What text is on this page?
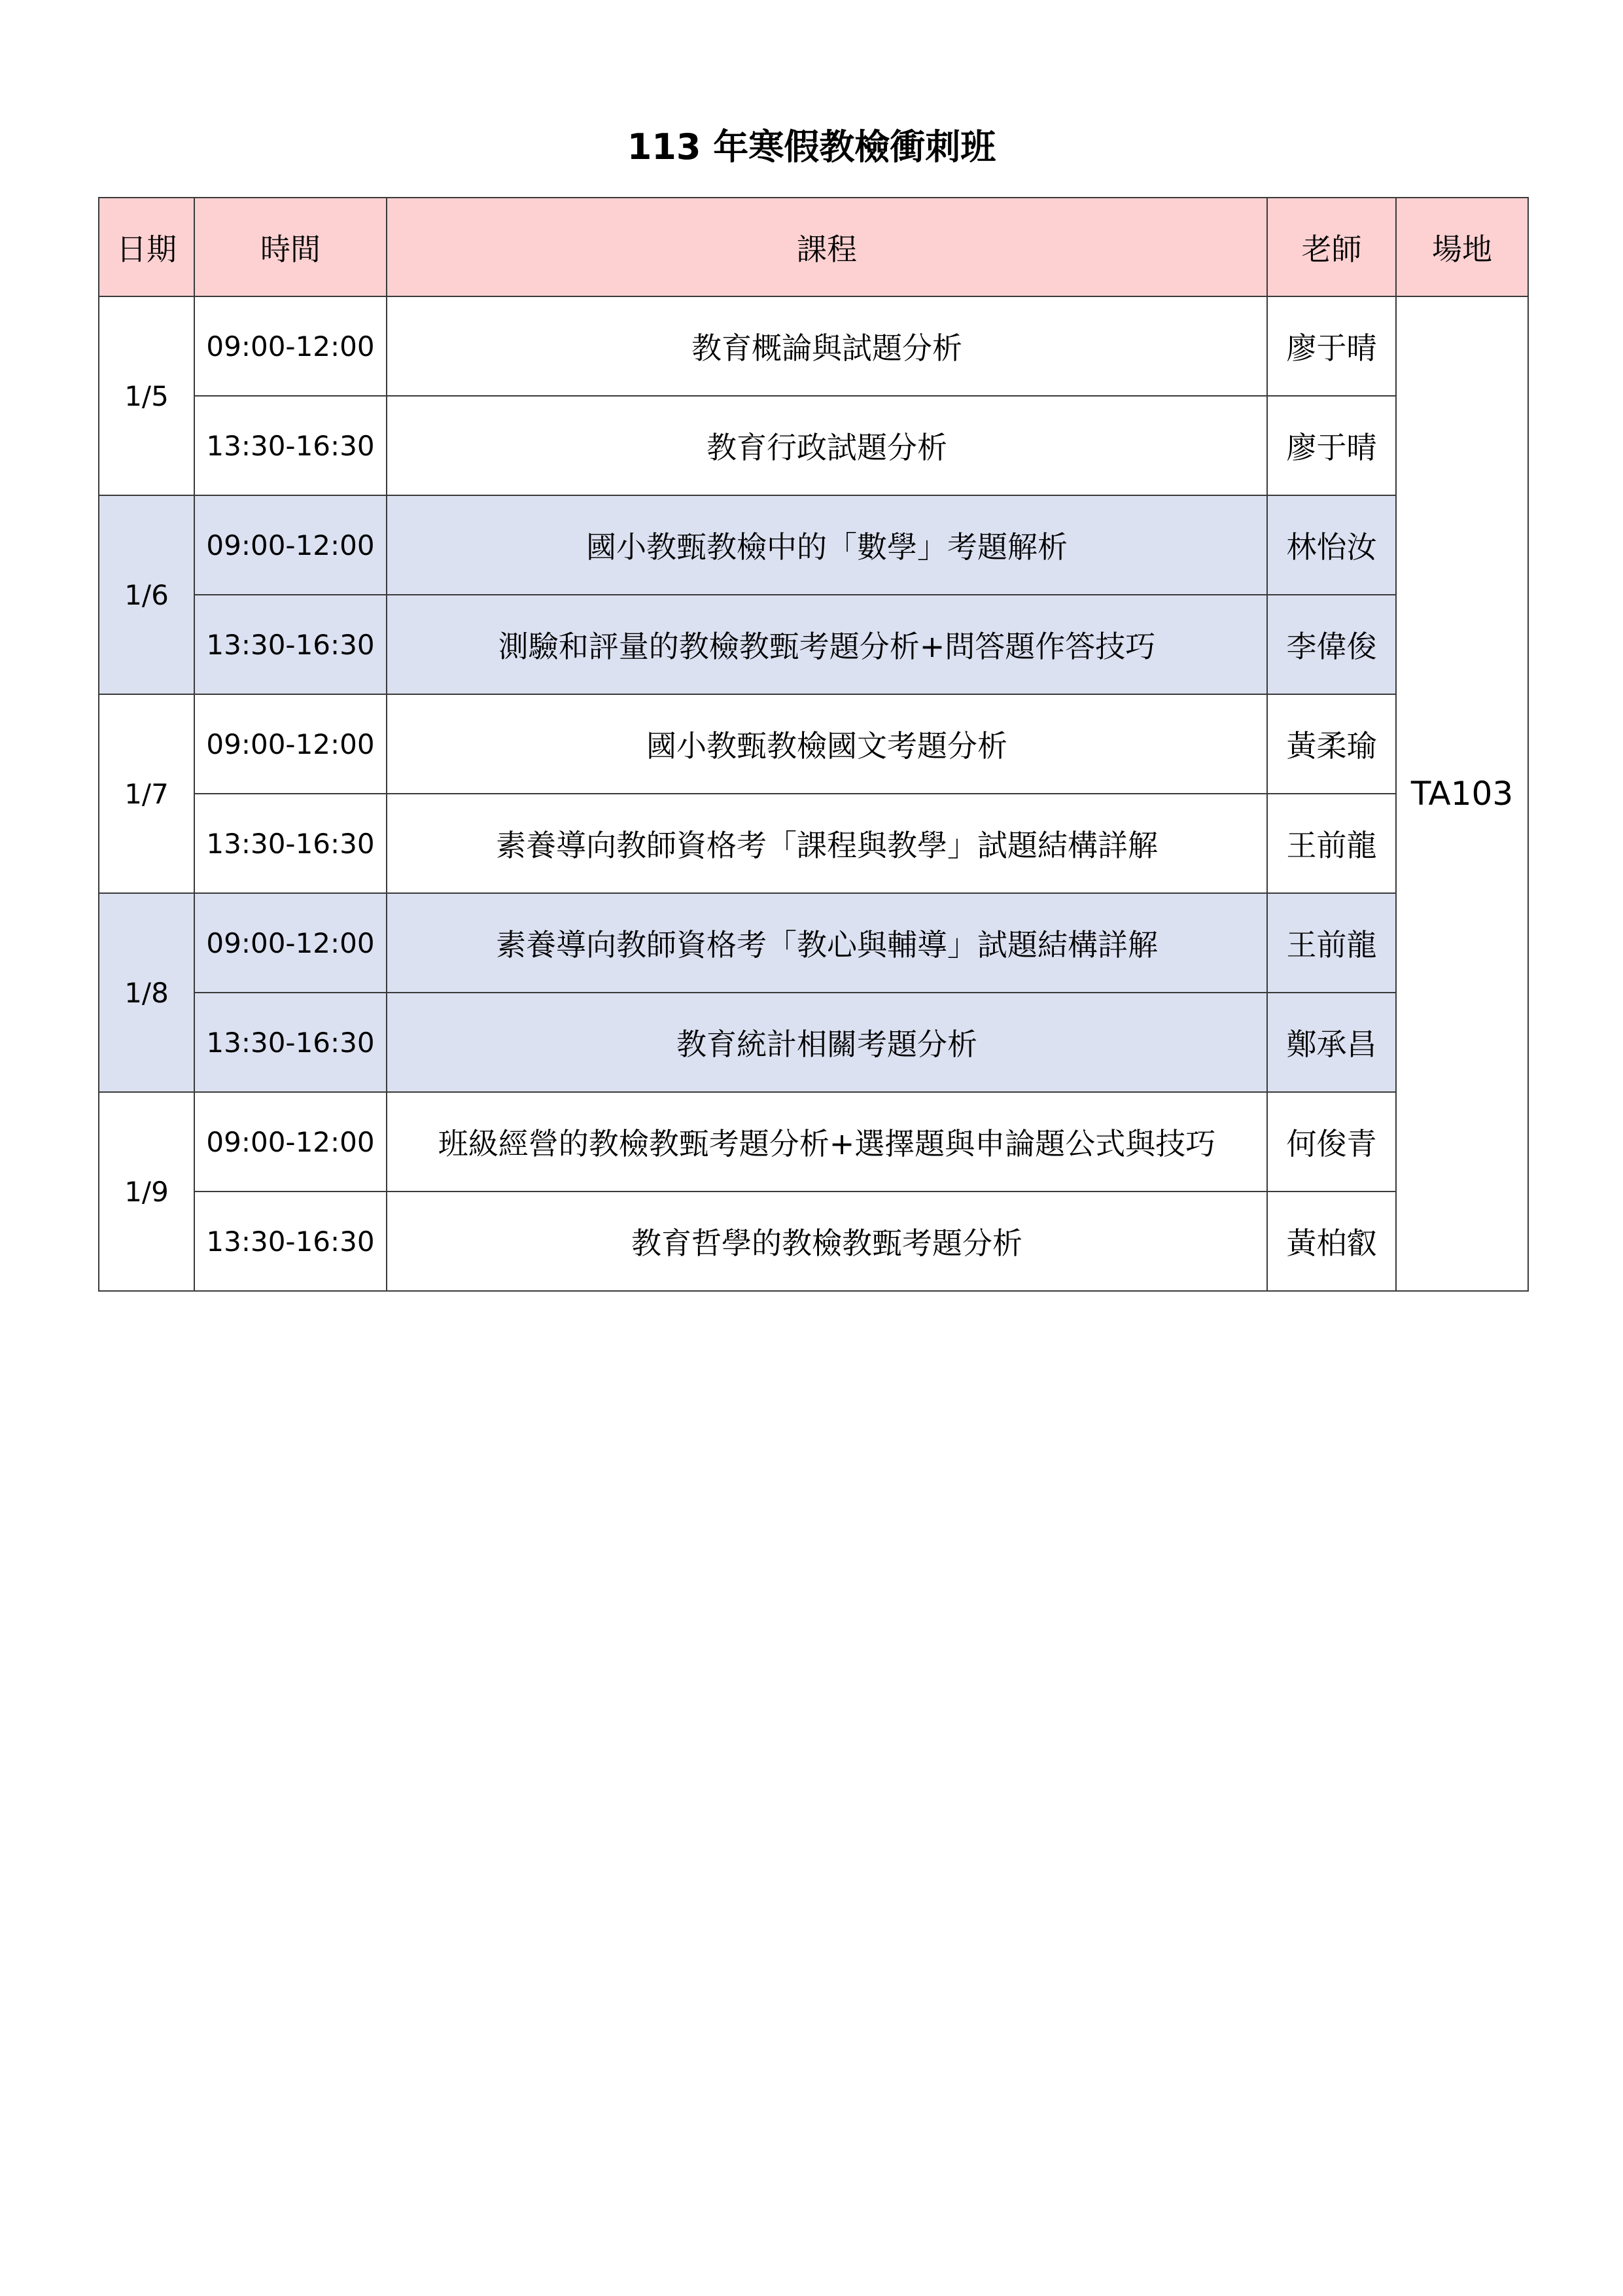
113 年寒假教檢衝刺班
日期	時間	課程	老師	場地
1/5	09:00-12:00	教育概論與試題分析	廖于晴	TA103
	13:30-16:30	教育行政試題分析	廖于晴	
1/6	09:00-12:00	國小教甄教檢中的「數學」考題解析	林怡汝	
	13:30-16:30	測驗和評量的教檢教甄考題分析+問答題作答技巧	李偉俊	
1/7	09:00-12:00	國小教甄教檢國文考題分析	黃柔瑜	
	13:30-16:30	素養導向教師資格考「課程與教學」試題結構詳解	王前龍	
1/8	09:00-12:00	素養導向教師資格考「教心與輔導」試題結構詳解	王前龍	
	13:30-16:30	教育統計相關考題分析	鄭承昌	
1/9	09:00-12:00	班級經營的教檢教甄考題分析+選擇題與申論題公式與技巧	何俊青	
	13:30-16:30	教育哲學的教檢教甄考題分析	黃柏叡	
